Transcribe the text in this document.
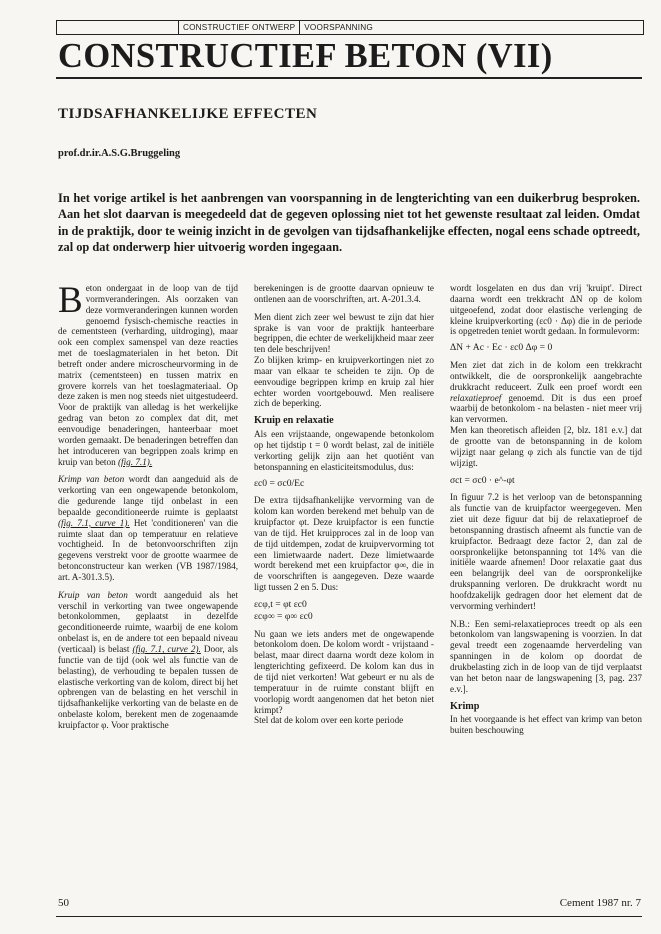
CONSTRUCTIEF ONTWERP	VOORSPANNING
CONSTRUCTIEF BETON (VII)
TIJDSAFHANKELIJKE EFFECTEN
prof.dr.ir.A.S.G.Bruggeling
In het vorige artikel is het aanbrengen van voorspanning in de lengterichting van een duikerbrug besproken. Aan het slot daarvan is meegedeeld dat de gegeven oplossing niet tot het gewenste resultaat zal leiden. Omdat in de praktijk, door te weinig inzicht in de gevolgen van tijdsafhankelijke effecten, nogal eens schade optreedt, zal op dat onderwerp hier uitvoerig worden ingegaan.

Beton ondergaat in de loop van de tijd vormveranderingen. Als oorzaken van deze vormveranderingen kunnen worden genoemd fysisch-chemische reacties in de cementsteen (verharding, uitdroging), maar ook een complex samenspel van deze reacties met de toeslagmaterialen in het beton. Dit betreft onder andere microscheurvorming in de matrix (cementsteen) en tussen matrix en grovere korrels van het toeslagmateriaal. Op deze zaken is men nog steeds niet uitgestudeerd. Voor de praktijk van alledag is het werkelijke gedrag van beton zo complex dat dit, met eenvoudige benaderingen, hanteerbaar moet worden gemaakt. De benaderingen betreffen dan het introduceren van begrippen zoals krimp en kruip van beton (fig. 7.1).

Krimp van beton wordt dan aangeduid als de verkorting van een ongewapende betonkolom, die gedurende lange tijd onbelast in een bepaalde geconditioneerde ruimte is geplaatst (fig. 7.1, curve 1). Het 'conditioneren' van die ruimte slaat dan op temperatuur en relatieve vochtigheid. In de betonvoorschriften zijn gegevens verstrekt voor de grootte waarmee de betonconstructeur kan werken (VB 1987/1984, art. A-301.3.5).

Kruip van beton wordt aangeduid als het verschil in verkorting van twee ongewapende betonkolommen, geplaatst in dezelfde geconditioneerde ruimte, waarbij de ene kolom onbelast is, en de andere tot een bepaald niveau (verticaal) is belast (fig. 7.1, curve 2). Door, als functie van de tijd (ook wel als functie van de belasting), de verhouding te bepalen tussen de elastische verkorting van de kolom, direct bij het opbrengen van de belasting en het verschil in tijdsafhankelijke verkorting van de belaste en de onbelaste kolom, berekent men de zogenaamde kruipfactor φ. Voor praktische

berekeningen is de grootte daarvan opnieuw te ontlenen aan de voorschriften, art. A-201.3.4.

Men dient zich zeer wel bewust te zijn dat hier sprake is van voor de praktijk hanteerbare begrippen, die echter de werkelijkheid maar zeer ten dele beschrijven!

Zo blijken krimp- en kruipverkortingen niet zo maar van elkaar te scheiden te zijn. Op de eenvoudige begrippen krimp en kruip zal hier echter worden voortgebouwd. Men realisere zich de beperking.

Kruip en relaxatie

Als een vrijstaande, ongewapende betonkolom op het tijdstip t = 0 wordt belast, zal de initiële verkorting gelijk zijn aan het quotiënt van betonspanning en elasticiteitsmodulus, dus:

εc0 = σc0/Ec

De extra tijdsafhankelijke vervorming van de kolom kan worden berekend met behulp van de kruipfactor φt. Deze kruipfactor is een functie van de tijd. Het kruipproces zal in de loop van de tijd uitdempen, zodat de kruipvervorming tot een limietwaarde nadert. Deze limietwaarde wordt berekend met een kruipfactor φ∞, die in de voorschriften is aangegeven. Deze waarde ligt tussen 2 en 5. Dus:

εcφ,t = φt εc0
εcφ∞ = φ∞ εc0

Nu gaan we iets anders met de ongewapende betonkolom doen. De kolom wordt - vrijstaand - belast, maar direct daarna wordt deze kolom in lengterichting gefixeerd. De kolom kan dus in de tijd niet verkorten! Wat gebeurt er nu als de temperatuur in de ruimte constant blijft en voorlopig wordt aangenomen dat het beton niet krimpt?

Stel dat de kolom over een korte periode

wordt losgelaten en dus dan vrij 'kruipt'. Direct daarna wordt een trekkracht ΔN op de kolom uitgeoefend, zodat door elastische verlenging de kleine kruipverkorting (εc0 · Δφ) die in de periode is opgetreden teniet wordt gedaan. In formulevorm:

ΔN + Ac · Ec · εc0 Δφ = 0

Men ziet dat zich in de kolom een trekkracht ontwikkelt, die de oorspronkelijk aangebrachte drukkracht reduceert. Zulk een proef wordt een relaxatieproef genoemd. Dit is dus een proef waarbij de betonkolom - na belasten - niet meer vrij kan vervormen.

Men kan theoretisch afleiden [2, blz. 181 e.v.] dat de grootte van de betonspanning in de kolom wijzigt naar gelang φ zich als functie van de tijd wijzigt.

σct = σc0 · e^-φt

In figuur 7.2 is het verloop van de betonspanning als functie van de kruipfactor weergegeven. Men ziet uit deze figuur dat bij de relaxatieproef de betonspanning drastisch afneemt als functie van de kruipfactor. Bedraagt deze factor 2, dan zal de oorspronkelijke betonspanning tot 14% van die initiële waarde afnemen! Door relaxatie gaat dus een belangrijk deel van de oorspronkelijke drukspanning verloren. De drukkracht wordt nu hoofdzakelijk gedragen door het element dat de vervorming verhindert!

N.B.: Een semi-relaxatieproces treedt op als een betonkolom van langswapening is voorzien. In dat geval treedt een zogenaamde herverdeling van spanningen in de kolom op doordat de drukbelasting zich in de loop van de tijd verplaatst van het beton naar de langswapening [3, pag. 237 e.v.].

Krimp

In het voorgaande is het effect van krimp van beton buiten beschouwing

50	Cement 1987 nr. 7
